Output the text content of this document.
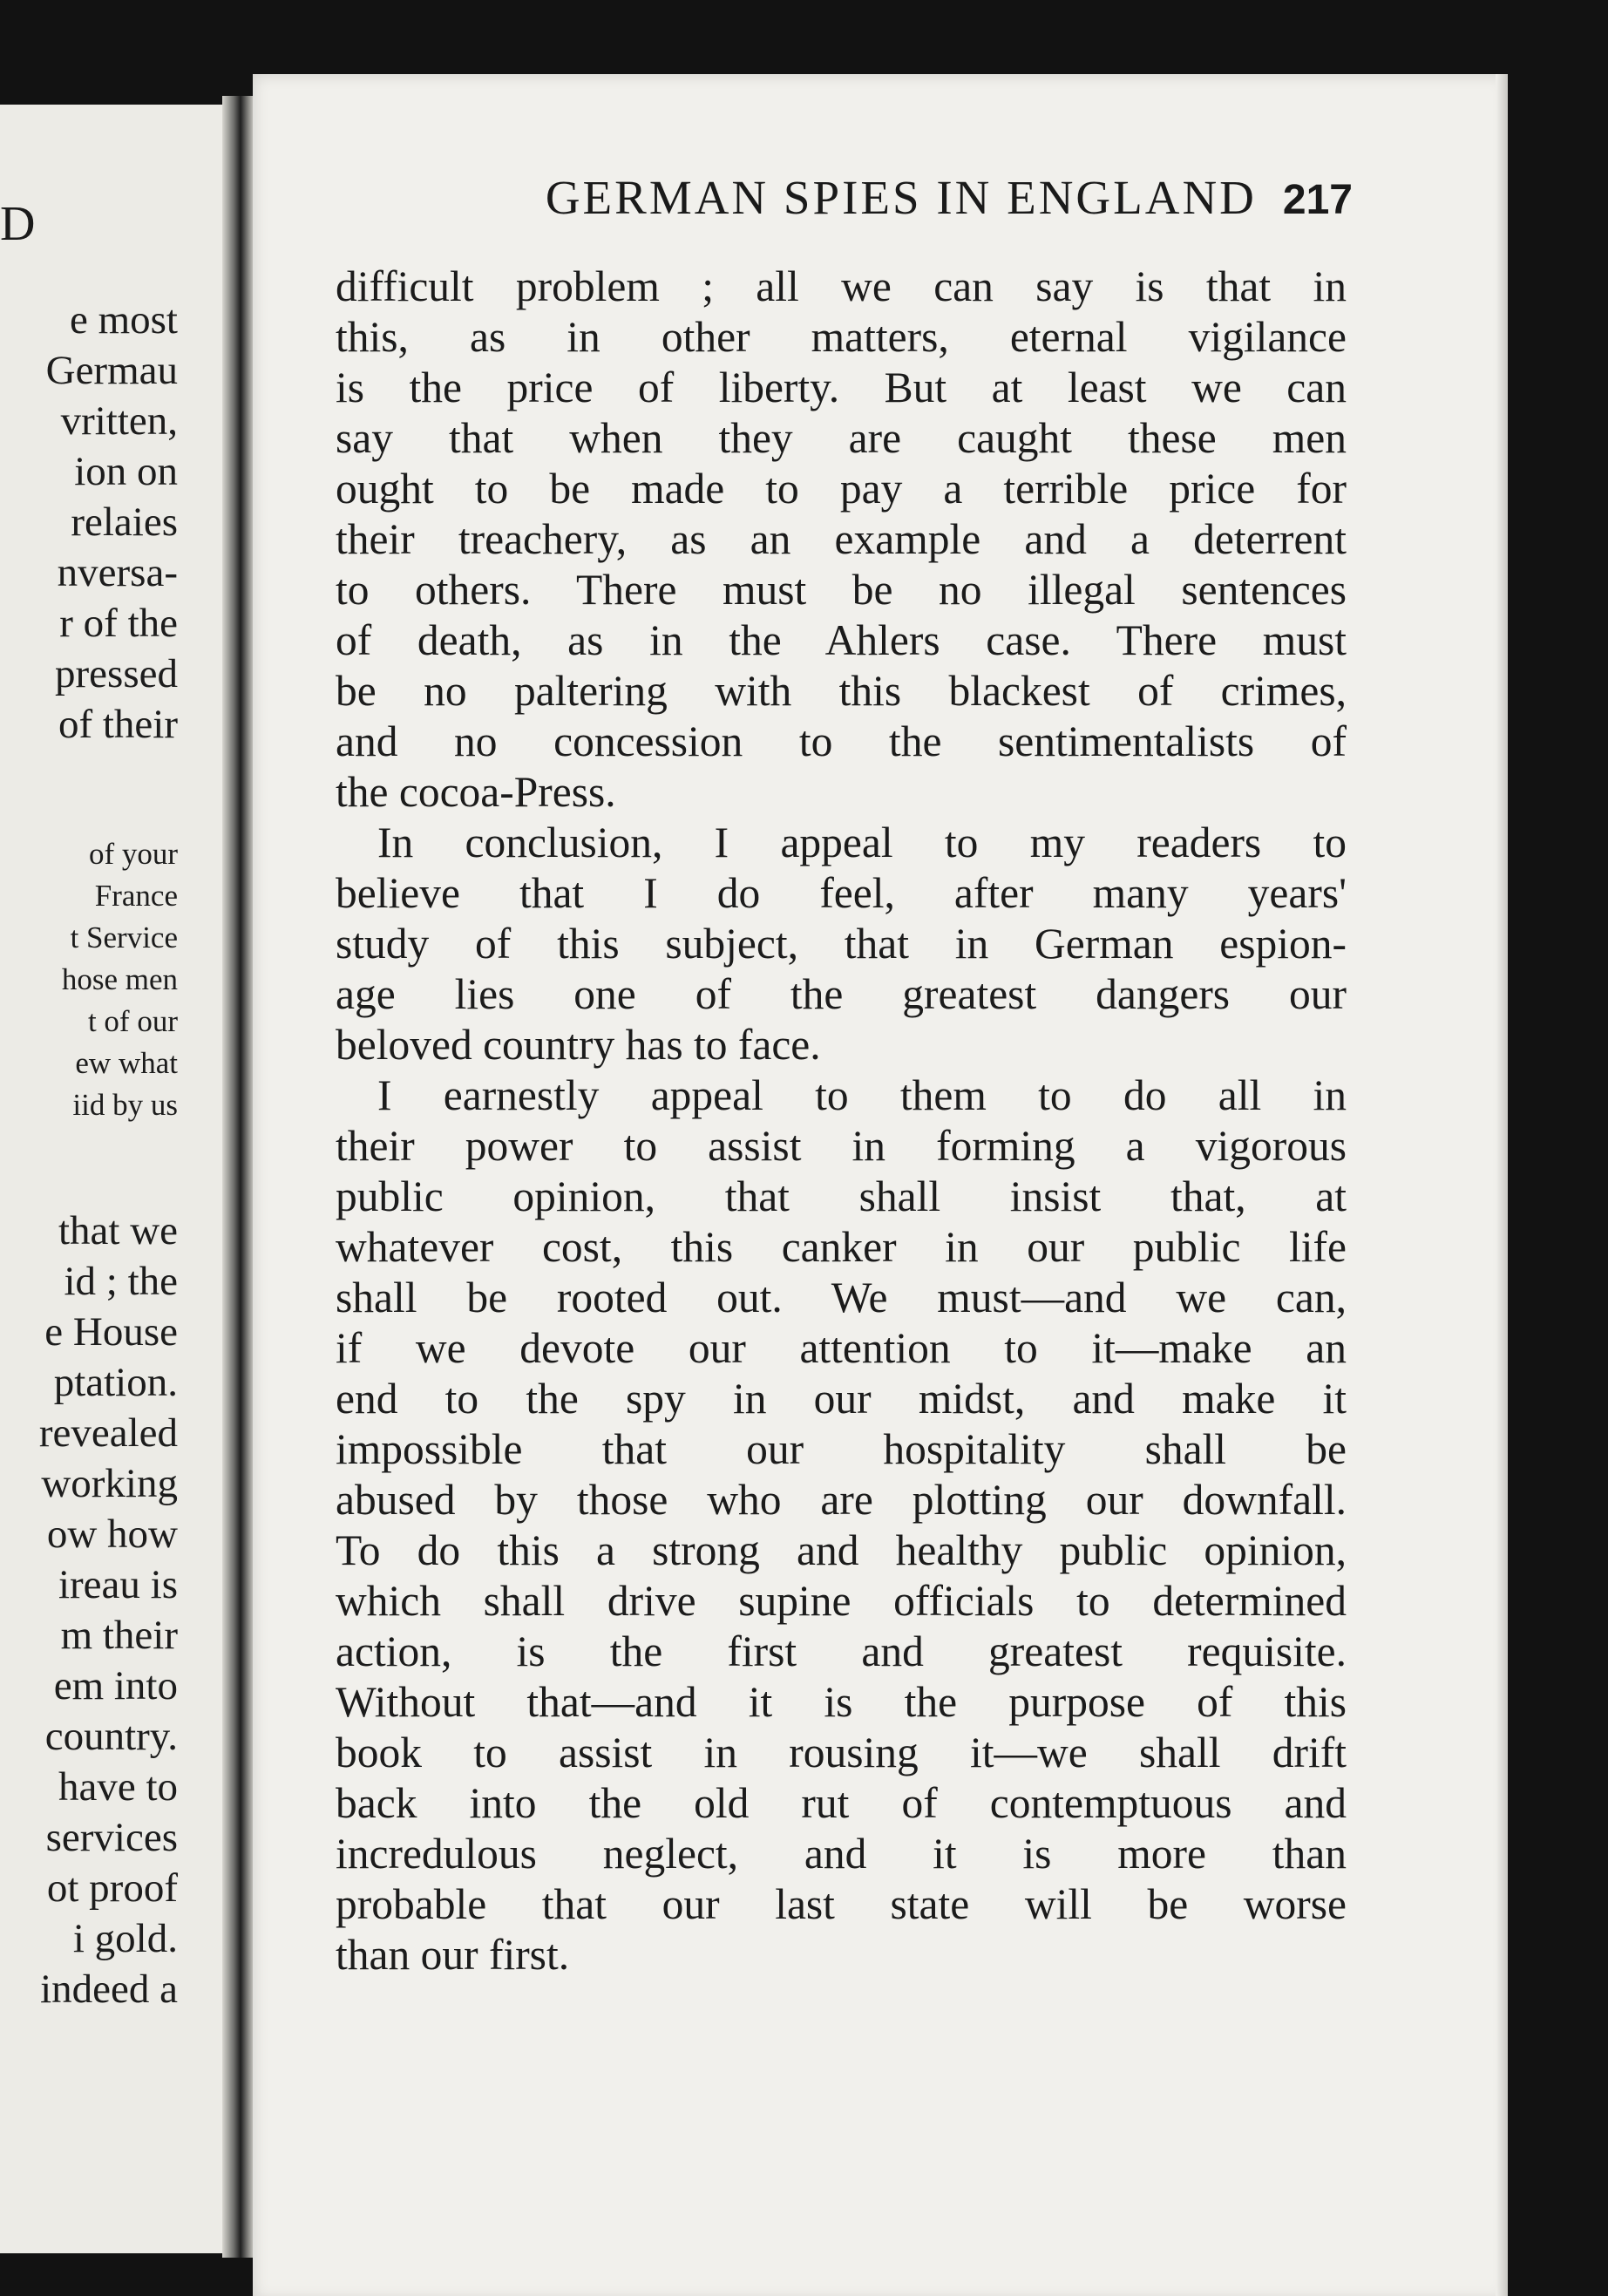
D
e most
Germau
vritten,
ion on
relaies
nversa-
r of the
pressed
of their
of your
France
t Service
hose men
t of our
ew what
iid by us
that we
id ; the
e House
ptation.
revealed
working
ow how
ireau is
m their
em into
country.
have to
services
ot proof
i gold.
indeed a
GERMAN SPIES IN ENGLAND 217
difficult problem ; all we can say is that in
this, as in other matters, eternal vigilance
is the price of liberty. But at least we can
say that when they are caught these men
ought to be made to pay a terrible price for
their treachery, as an example and a deterrent
to others. There must be no illegal sentences
of death, as in the Ahlers case. There must
be no paltering with this blackest of crimes,
and no concession to the sentimentalists of
the cocoa-Press.
In conclusion, I appeal to my readers to
believe that I do feel, after many years'
study of this subject, that in German espion-
age lies one of the greatest dangers our
beloved country has to face.
I earnestly appeal to them to do all in
their power to assist in forming a vigorous
public opinion, that shall insist that, at
whatever cost, this canker in our public life
shall be rooted out. We must—and we can,
if we devote our attention to it—make an
end to the spy in our midst, and make it
impossible that our hospitality shall be
abused by those who are plotting our downfall.
To do this a strong and healthy public opinion,
which shall drive supine officials to determined
action, is the first and greatest requisite.
Without that—and it is the purpose of this
book to assist in rousing it—we shall drift
back into the old rut of contemptuous and
incredulous neglect, and it is more than
probable that our last state will be worse
than our first.
